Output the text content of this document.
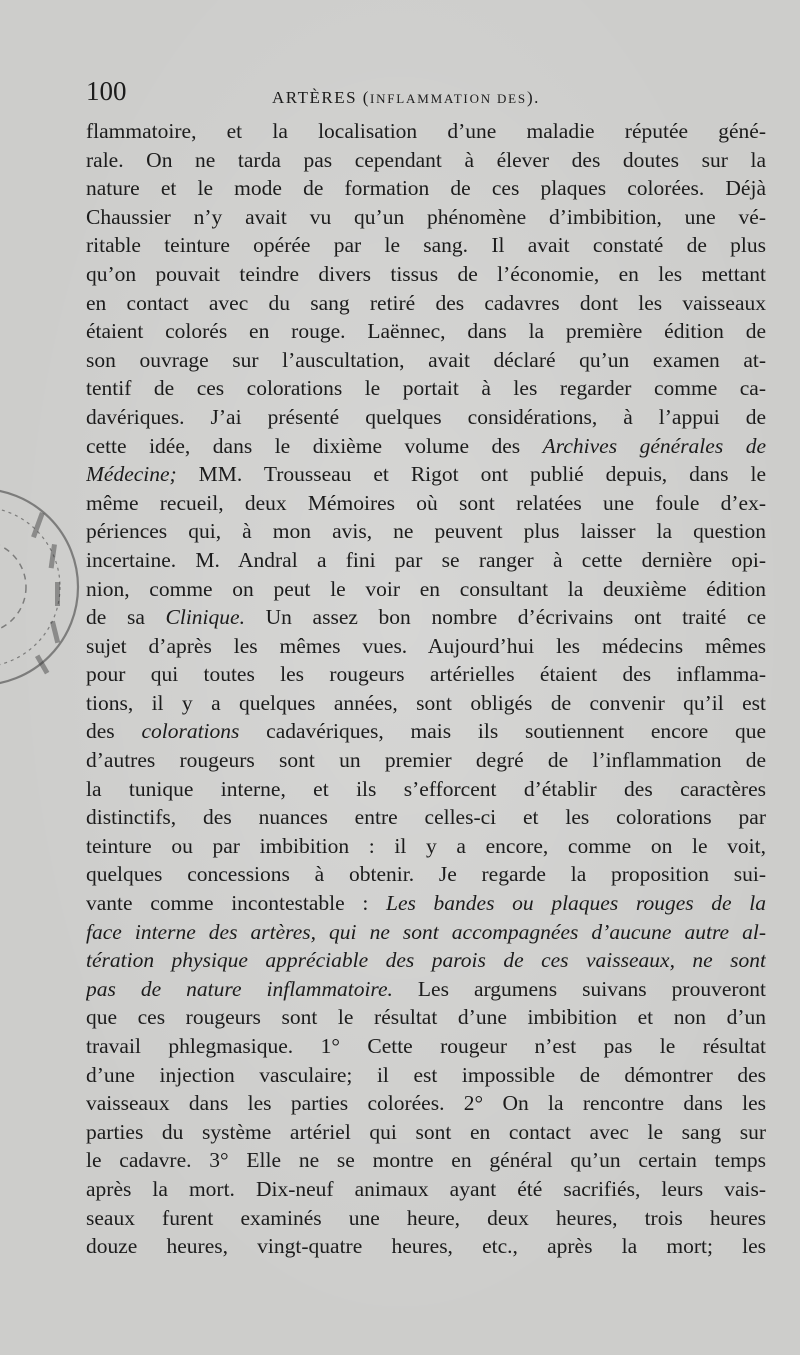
100	ARTÈRES (INFLAMMATION DES).
flammatoire, et la localisation d’une maladie réputée géné-
rale. On ne tarda pas cependant à élever des doutes sur la
nature et le mode de formation de ces plaques colorées. Déjà
Chaussier n’y avait vu qu’un phénomène d’imbibition, une vé-
ritable teinture opérée par le sang. Il avait constaté de plus
qu’on pouvait teindre divers tissus de l’économie, en les mettant
en contact avec du sang retiré des cadavres dont les vaisseaux
étaient colorés en rouge. Laënnec, dans la première édition de
son ouvrage sur l’auscultation, avait déclaré qu’un examen at-
tentif de ces colorations le portait à les regarder comme ca-
davériques. J’ai présenté quelques considérations, à l’appui de
cette idée, dans le dixième volume des Archives générales de
Médecine; MM. Trousseau et Rigot ont publié depuis, dans le
même recueil, deux Mémoires où sont relatées une foule d’ex-
périences qui, à mon avis, ne peuvent plus laisser la question
incertaine. M. Andral a fini par se ranger à cette dernière opi-
nion, comme on peut le voir en consultant la deuxième édition
de sa Clinique. Un assez bon nombre d’écrivains ont traité ce
sujet d’après les mêmes vues. Aujourd’hui les médecins mêmes
pour qui toutes les rougeurs artérielles étaient des inflamma-
tions, il y a quelques années, sont obligés de convenir qu’il est
des colorations cadavériques, mais ils soutiennent encore que
d’autres rougeurs sont un premier degré de l’inflammation de
la tunique interne, et ils s’efforcent d’établir des caractères
distinctifs, des nuances entre celles-ci et les colorations par
teinture ou par imbibition : il y a encore, comme on le voit,
quelques concessions à obtenir. Je regarde la proposition sui-
vante comme incontestable : Les bandes ou plaques rouges de la
face interne des artères, qui ne sont accompagnées d’aucune autre al-
tération physique appréciable des parois de ces vaisseaux, ne sont
pas de nature inflammatoire. Les argumens suivans prouveront
que ces rougeurs sont le résultat d’une imbibition et non d’un
travail phlegmasique. 1° Cette rougeur n’est pas le résultat
d’une injection vasculaire; il est impossible de démontrer des
vaisseaux dans les parties colorées. 2° On la rencontre dans les
parties du système artériel qui sont en contact avec le sang sur
le cadavre. 3° Elle ne se montre en général qu’un certain temps
après la mort. Dix-neuf animaux ayant été sacrifiés, leurs vais-
seaux furent examinés une heure, deux heures, trois heures
douze heures, vingt-quatre heures, etc., après la mort; les
